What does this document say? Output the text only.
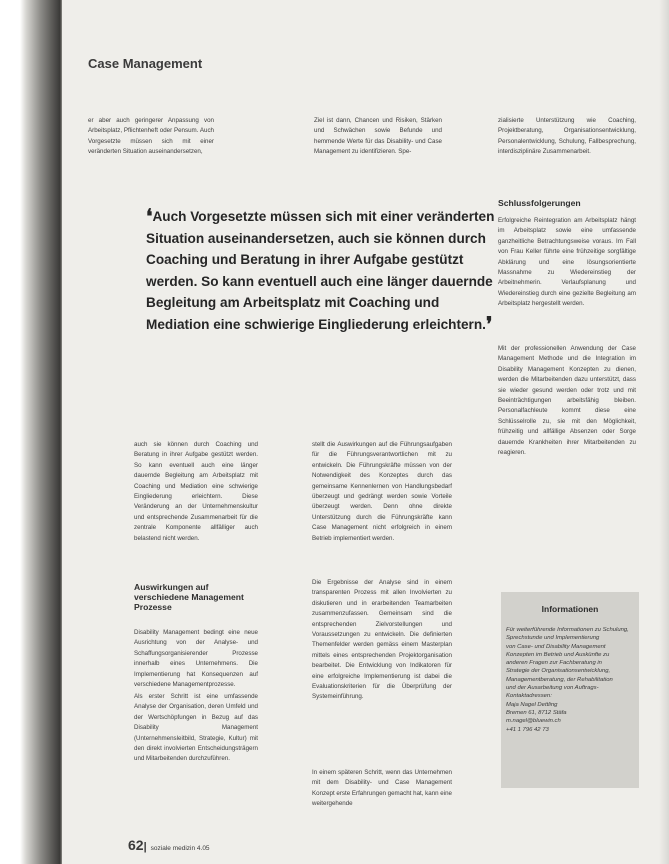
Case Management

er aber auch geringerer Anpassung von Arbeitsplatz, Pflichtenheft oder Pensum. Auch Vorgesetzte müssen sich mit einer veränderten Situation auseinandersetzen,

Ziel ist dann, Chancen und Risiken, Stärken und Schwächen sowie Befunde und hemmende Werte für das Disability- und Case Management zu identifizieren. Spe-

zialisierte Unterstützung wie Coaching, Projektberatung, Organisationsentwicklung, Personalentwicklung, Schulung, Fallbesprechung, interdisziplinäre Zusammenarbeit.

❛Auch Vorgesetzte müssen sich mit einer veränderten Situation auseinandersetzen, auch sie können durch Coaching und Beratung in ihrer Aufgabe gestützt werden. So kann eventuell auch eine länger dauernde Begleitung am Arbeitsplatz mit Coaching und Mediation eine schwierige Eingliederung erleichtern.❜
Schlussfolgerungen

Erfolgreiche Reintegration am Arbeitsplatz hängt im Arbeitsplatz sowie eine umfassende ganzheitliche Betrachtungsweise voraus. Im Fall von Frau Keller führte eine frühzeitige sorgfältige Abklärung und eine lösungsorientierte Massnahme zu Wiedereinstieg der Arbeitnehmerin. Verlaufsplanung und Wiedereinstieg durch eine gezielte Begleitung am Arbeitsplatz hergestellt werden.

Mit der professionellen Anwendung der Case Management Methode und die Integration im Disability Management Konzepten zu dienen, werden die Mitarbeitenden dazu unterstützt, dass sie wieder gesund werden oder trotz und mit Beeinträchtigungen arbeitsfähig bleiben. Personalfachleute kommt diese eine Schlüsselrolle zu, sie mit den Möglichkeit, frühzeitig und allfällige Absenzen oder Sorge dauernde Krankheiten ihrer Mitarbeitenden zu reagieren.

auch sie können durch Coaching und Beratung in ihrer Aufgabe gestützt werden. So kann eventuell auch eine länger dauernde Begleitung am Arbeitsplatz mit Coaching und Mediation eine schwierige Eingliederung erleichtern. Diese Veränderung an der Unternehmenskultur und entsprechende Zusammenarbeit für die zentrale Komponente allfälliger auch belastend nicht werden.

Auswirkungen auf verschiedene Management Prozesse

Disability Management bedingt eine neue Ausrichtung von der Analyse- und Schaffungsorganisierender Prozesse innerhalb eines Unternehmens. Die Implementierung hat Konsequenzen auf verschiedene Managementprozesse.

Als erster Schritt ist eine umfassende Analyse der Organisation, deren Umfeld und der Wertschöpfungen in Bezug auf das Disability Management (Unternehmensleitbild, Strategie, Kultur) mit den direkt involvierten Entscheidungsträgern und Mitarbeitenden durchzuführen.

stellt die Auswirkungen auf die Führungsaufgaben für die Führungsverantwortlichen mit zu entwickeln. Die Führungskräfte müssen von der Notwendigkeit des Konzeptes durch das gemeinsame Kennenlernen von Handlungsbedarf überzeugt und gedrängt werden sowie Vorteile überzeugt werden. Denn ohne direkte Unterstützung durch die Führungskräfte kann Case Management nicht erfolgreich in einem Betrieb implementiert werden.

Die Ergebnisse der Analyse sind in einem transparenten Prozess mit allen Involvierten zu diskutieren und in erarbeitenden Teamarbeiten zusammenzufassen. Gemeinsam sind die entsprechenden Zielvorstellungen und Voraussetzungen zu entwickeln. Die definierten Themenfelder werden gemäss einem Masterplan mittels eines entsprechenden Projektorganisation bearbeitet. Die Entwicklung von Indikatoren für eine erfolgreiche Implementierung ist dabei die Evaluationskriterien für die Überprüfung der Systemeinführung.

In einem späteren Schritt, wenn das Unternehmen mit dem Disability- und Case Management Konzept erste Erfahrungen gemacht hat, kann eine weitergehende

Informationen
Für weiterführende Informationen zu Schulung, Sprechstunde und Implementierung
von Case- und Disability Management
Konzepten im Betrieb und Auskünfte zu
anderen Fragen zur Fachberatung in
Strategie der Organisationsentwicklung,
Managementberatung, der Rehabilitation
und der Ausarbeitung von Auftrags-
Kontaktadressen:
Maja Nagel Dettling
Bremen 61, 8712 Stäfa
m.nagel@bluewin.ch
+41 1 796 42 73
62| soziale medizin 4.05
